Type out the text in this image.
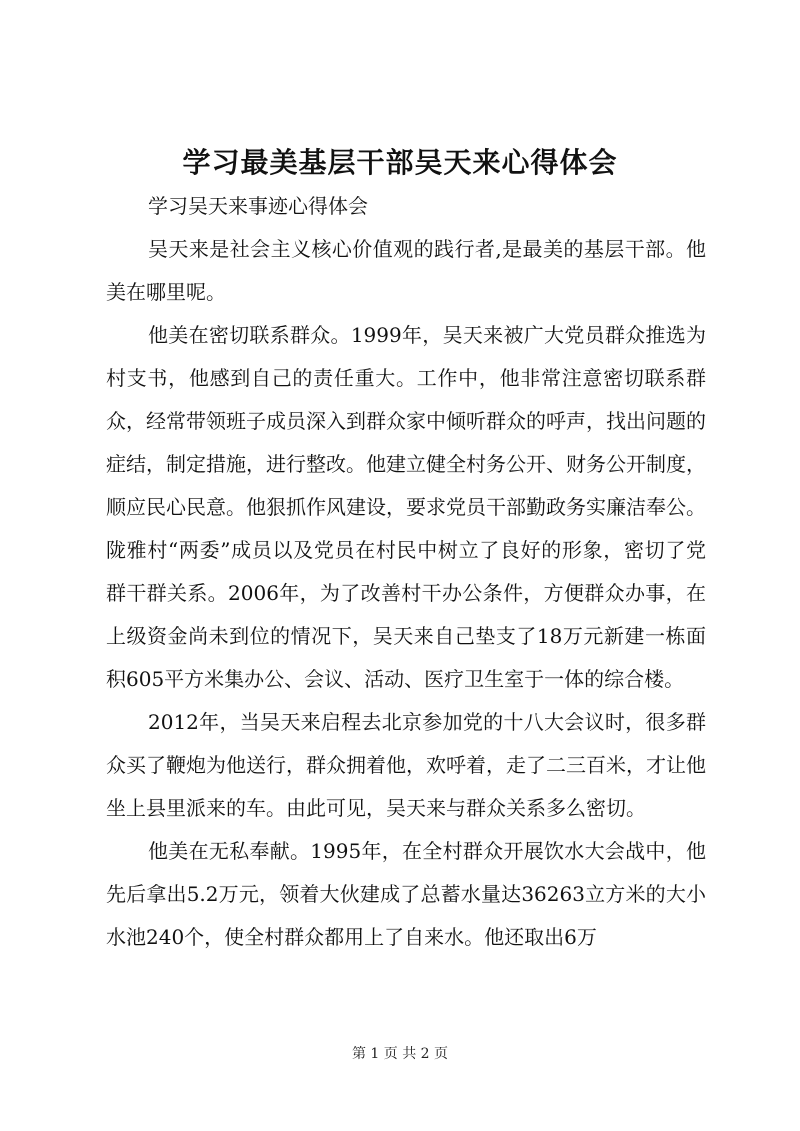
学习最美基层干部吴天来心得体会

学习吴天来事迹心得体会

吴天来是社会主义核心价值观的践行者,是最美的基层干部。他美在哪里呢。

他美在密切联系群众。1999年，吴天来被广大党员群众推选为村支书，他感到自己的责任重大。工作中，他非常注意密切联系群众，经常带领班子成员深入到群众家中倾听群众的呼声，找出问题的症结，制定措施，进行整改。他建立健全村务公开、财务公开制度，顺应民心民意。他狠抓作风建设，要求党员干部勤政务实廉洁奉公。陇雅村“两委”成员以及党员在村民中树立了良好的形象，密切了党群干群关系。2006年，为了改善村干办公条件，方便群众办事，在上级资金尚未到位的情况下，吴天来自己垫支了18万元新建一栋面积605平方米集办公、会议、活动、医疗卫生室于一体的综合楼。

2012年，当吴天来启程去北京参加党的十八大会议时，很多群众买了鞭炮为他送行，群众拥着他，欢呼着，走了二三百米，才让他坐上县里派来的车。由此可见，吴天来与群众关系多么密切。

他美在无私奉献。1995年，在全村群众开展饮水大会战中，他先后拿出5.2万元，领着大伙建成了总蓄水量达36263立方米的大小水池240个，使全村群众都用上了自来水。他还取出6万

第 1 页 共 2 页
